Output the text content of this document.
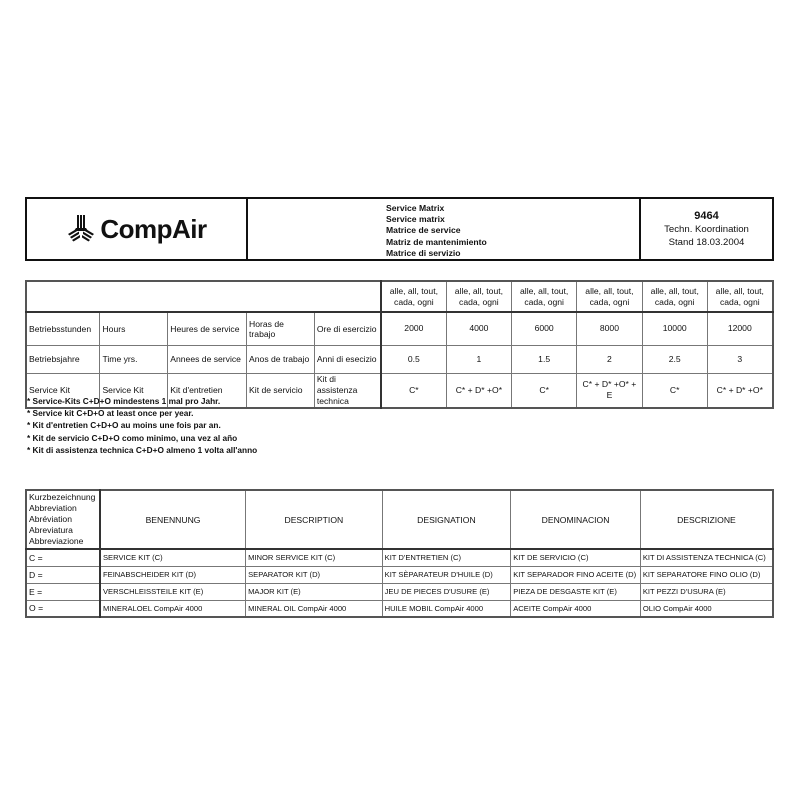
CompAir
Service Matrix
Service matrix
Matrice de service
Matriz de mantenimiento
Matrice di servizio
9464
Techn. Koordination
Stand 18.03.2004
					alle, all, tout,
cada, ogni	alle, all, tout,
cada, ogni	alle, all, tout,
cada, ogni	alle, all, tout,
cada, ogni	alle, all, tout,
cada, ogni	alle, all, tout,
cada, ogni
Betriebsstunden	Hours	Heures de service	Horas de trabajo	Ore di esercizio	2000	4000	6000	8000	10000	12000
Betriebsjahre	Time yrs.	Annees de service	Anos de trabajo	Anni di esecizio	0.5	1	1.5	2	2.5	3
Service Kit	Service Kit	Kit d'entretien	Kit de servicio	Kit di assistenza technica	C*	C* + D* +O*	C*	C* + D* +O* + E	C*	C* + D* +O*
* Service-Kits C+D+O mindestens 1 mal pro Jahr.
* Service kit C+D+O at least once per year.
* Kit d'entretien C+D+O au moins une fois par an.
* Kit de servicio C+D+O como minimo, una vez al año
* Kit di assistenza technica C+D+O almeno 1 volta all'anno
Kurzbezeichnung
Abbreviation
Abréviation
Abreviatura
Abbreviazione	BENENNUNG	DESCRIPTION	DESIGNATION	DENOMINACION	DESCRIZIONE
C =	SERVICE KIT (C)	MINOR SERVICE KIT (C)	KIT D'ENTRETIEN (C)	KIT DE SERVICIO (C)	KIT DI ASSISTENZA TECHNICA (C)
D =	FEINABSCHEIDER KIT (D)	SEPARATOR KIT (D)	KIT SÈPARATEUR D'HUILE (D)	KIT SEPARADOR FINO ACEITE (D)	KIT SEPARATORE FINO OLIO (D)
E =	VERSCHLEISSTEILE KIT (E)	MAJOR KIT (E)	JEU DE PIECES D'USURE (E)	PIEZA DE DESGASTE KIT (E)	KIT PEZZI D'USURA (E)
O =	MINERALOEL CompAir 4000	MINERAL OIL CompAir 4000	HUILE MOBIL CompAir 4000	ACEITE CompAir 4000	OLIO CompAir 4000
